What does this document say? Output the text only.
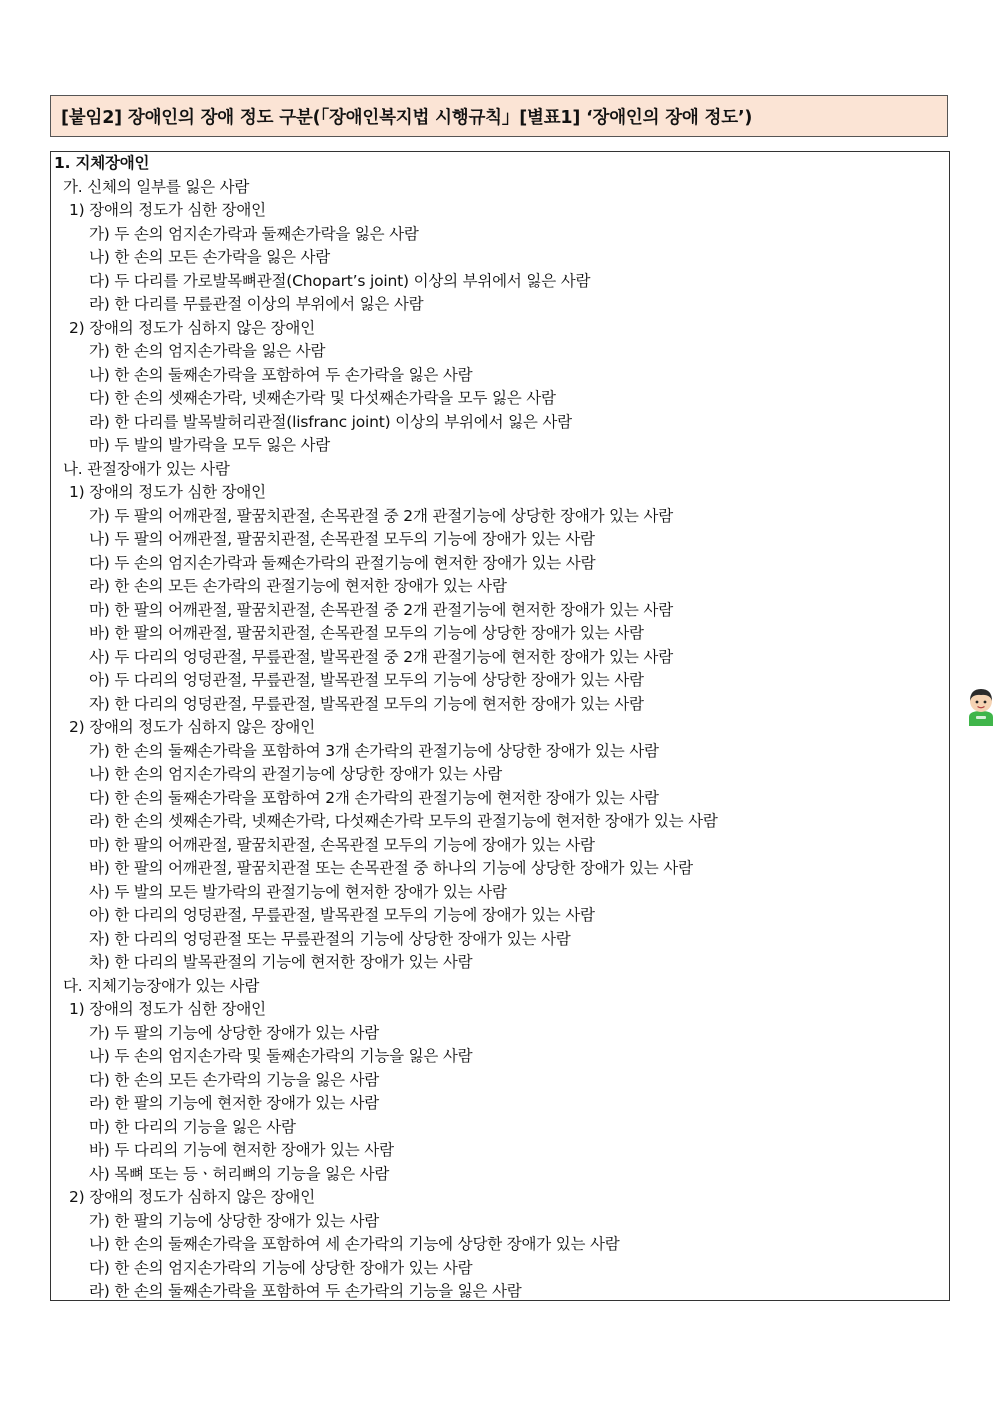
[붙임2] 장애인의 장애 정도 구분(「장애인복지법 시행규칙」[별표1] ‘장애인의 장애 정도’)
1. 지체장애인
가. 신체의 일부를 잃은 사람
1) 장애의 정도가 심한 장애인
가) 두 손의 엄지손가락과 둘째손가락을 잃은 사람
나) 한 손의 모든 손가락을 잃은 사람
다) 두 다리를 가로발목뼈관절(Chopart’s joint) 이상의 부위에서 잃은 사람
라) 한 다리를 무릎관절 이상의 부위에서 잃은 사람
2) 장애의 정도가 심하지 않은 장애인
가) 한 손의 엄지손가락을 잃은 사람
나) 한 손의 둘째손가락을 포함하여 두 손가락을 잃은 사람
다) 한 손의 셋째손가락, 넷째손가락 및 다섯째손가락을 모두 잃은 사람
라) 한 다리를 발목발허리관절(lisfranc joint) 이상의 부위에서 잃은 사람
마) 두 발의 발가락을 모두 잃은 사람
나. 관절장애가 있는 사람
1) 장애의 정도가 심한 장애인
가) 두 팔의 어깨관절, 팔꿈치관절, 손목관절 중 2개 관절기능에 상당한 장애가 있는 사람
나) 두 팔의 어깨관절, 팔꿈치관절, 손목관절 모두의 기능에 장애가 있는 사람
다) 두 손의 엄지손가락과 둘째손가락의 관절기능에 현저한 장애가 있는 사람
라) 한 손의 모든 손가락의 관절기능에 현저한 장애가 있는 사람
마) 한 팔의 어깨관절, 팔꿈치관절, 손목관절 중 2개 관절기능에 현저한 장애가 있는 사람
바) 한 팔의 어깨관절, 팔꿈치관절, 손목관절 모두의 기능에 상당한 장애가 있는 사람
사) 두 다리의 엉덩관절, 무릎관절, 발목관절 중 2개 관절기능에 현저한 장애가 있는 사람
아) 두 다리의 엉덩관절, 무릎관절, 발목관절 모두의 기능에 상당한 장애가 있는 사람
자) 한 다리의 엉덩관절, 무릎관절, 발목관절 모두의 기능에 현저한 장애가 있는 사람
2) 장애의 정도가 심하지 않은 장애인
가) 한 손의 둘째손가락을 포함하여 3개 손가락의 관절기능에 상당한 장애가 있는 사람
나) 한 손의 엄지손가락의 관절기능에 상당한 장애가 있는 사람
다) 한 손의 둘째손가락을 포함하여 2개 손가락의 관절기능에 현저한 장애가 있는 사람
라) 한 손의 셋째손가락, 넷째손가락, 다섯째손가락 모두의 관절기능에 현저한 장애가 있는 사람
마) 한 팔의 어깨관절, 팔꿈치관절, 손목관절 모두의 기능에 장애가 있는 사람
바) 한 팔의 어깨관절, 팔꿈치관절 또는 손목관절 중 하나의 기능에 상당한 장애가 있는 사람
사) 두 발의 모든 발가락의 관절기능에 현저한 장애가 있는 사람
아) 한 다리의 엉덩관절, 무릎관절, 발목관절 모두의 기능에 장애가 있는 사람
자) 한 다리의 엉덩관절 또는 무릎관절의 기능에 상당한 장애가 있는 사람
차) 한 다리의 발목관절의 기능에 현저한 장애가 있는 사람
다. 지체기능장애가 있는 사람
1) 장애의 정도가 심한 장애인
가) 두 팔의 기능에 상당한 장애가 있는 사람
나) 두 손의 엄지손가락 및 둘째손가락의 기능을 잃은 사람
다) 한 손의 모든 손가락의 기능을 잃은 사람
라) 한 팔의 기능에 현저한 장애가 있는 사람
마) 한 다리의 기능을 잃은 사람
바) 두 다리의 기능에 현저한 장애가 있는 사람
사) 목뼈 또는 등ㆍ허리뼈의 기능을 잃은 사람
2) 장애의 정도가 심하지 않은 장애인
가) 한 팔의 기능에 상당한 장애가 있는 사람
나) 한 손의 둘째손가락을 포함하여 세 손가락의 기능에 상당한 장애가 있는 사람
다) 한 손의 엄지손가락의 기능에 상당한 장애가 있는 사람
라) 한 손의 둘째손가락을 포함하여 두 손가락의 기능을 잃은 사람
